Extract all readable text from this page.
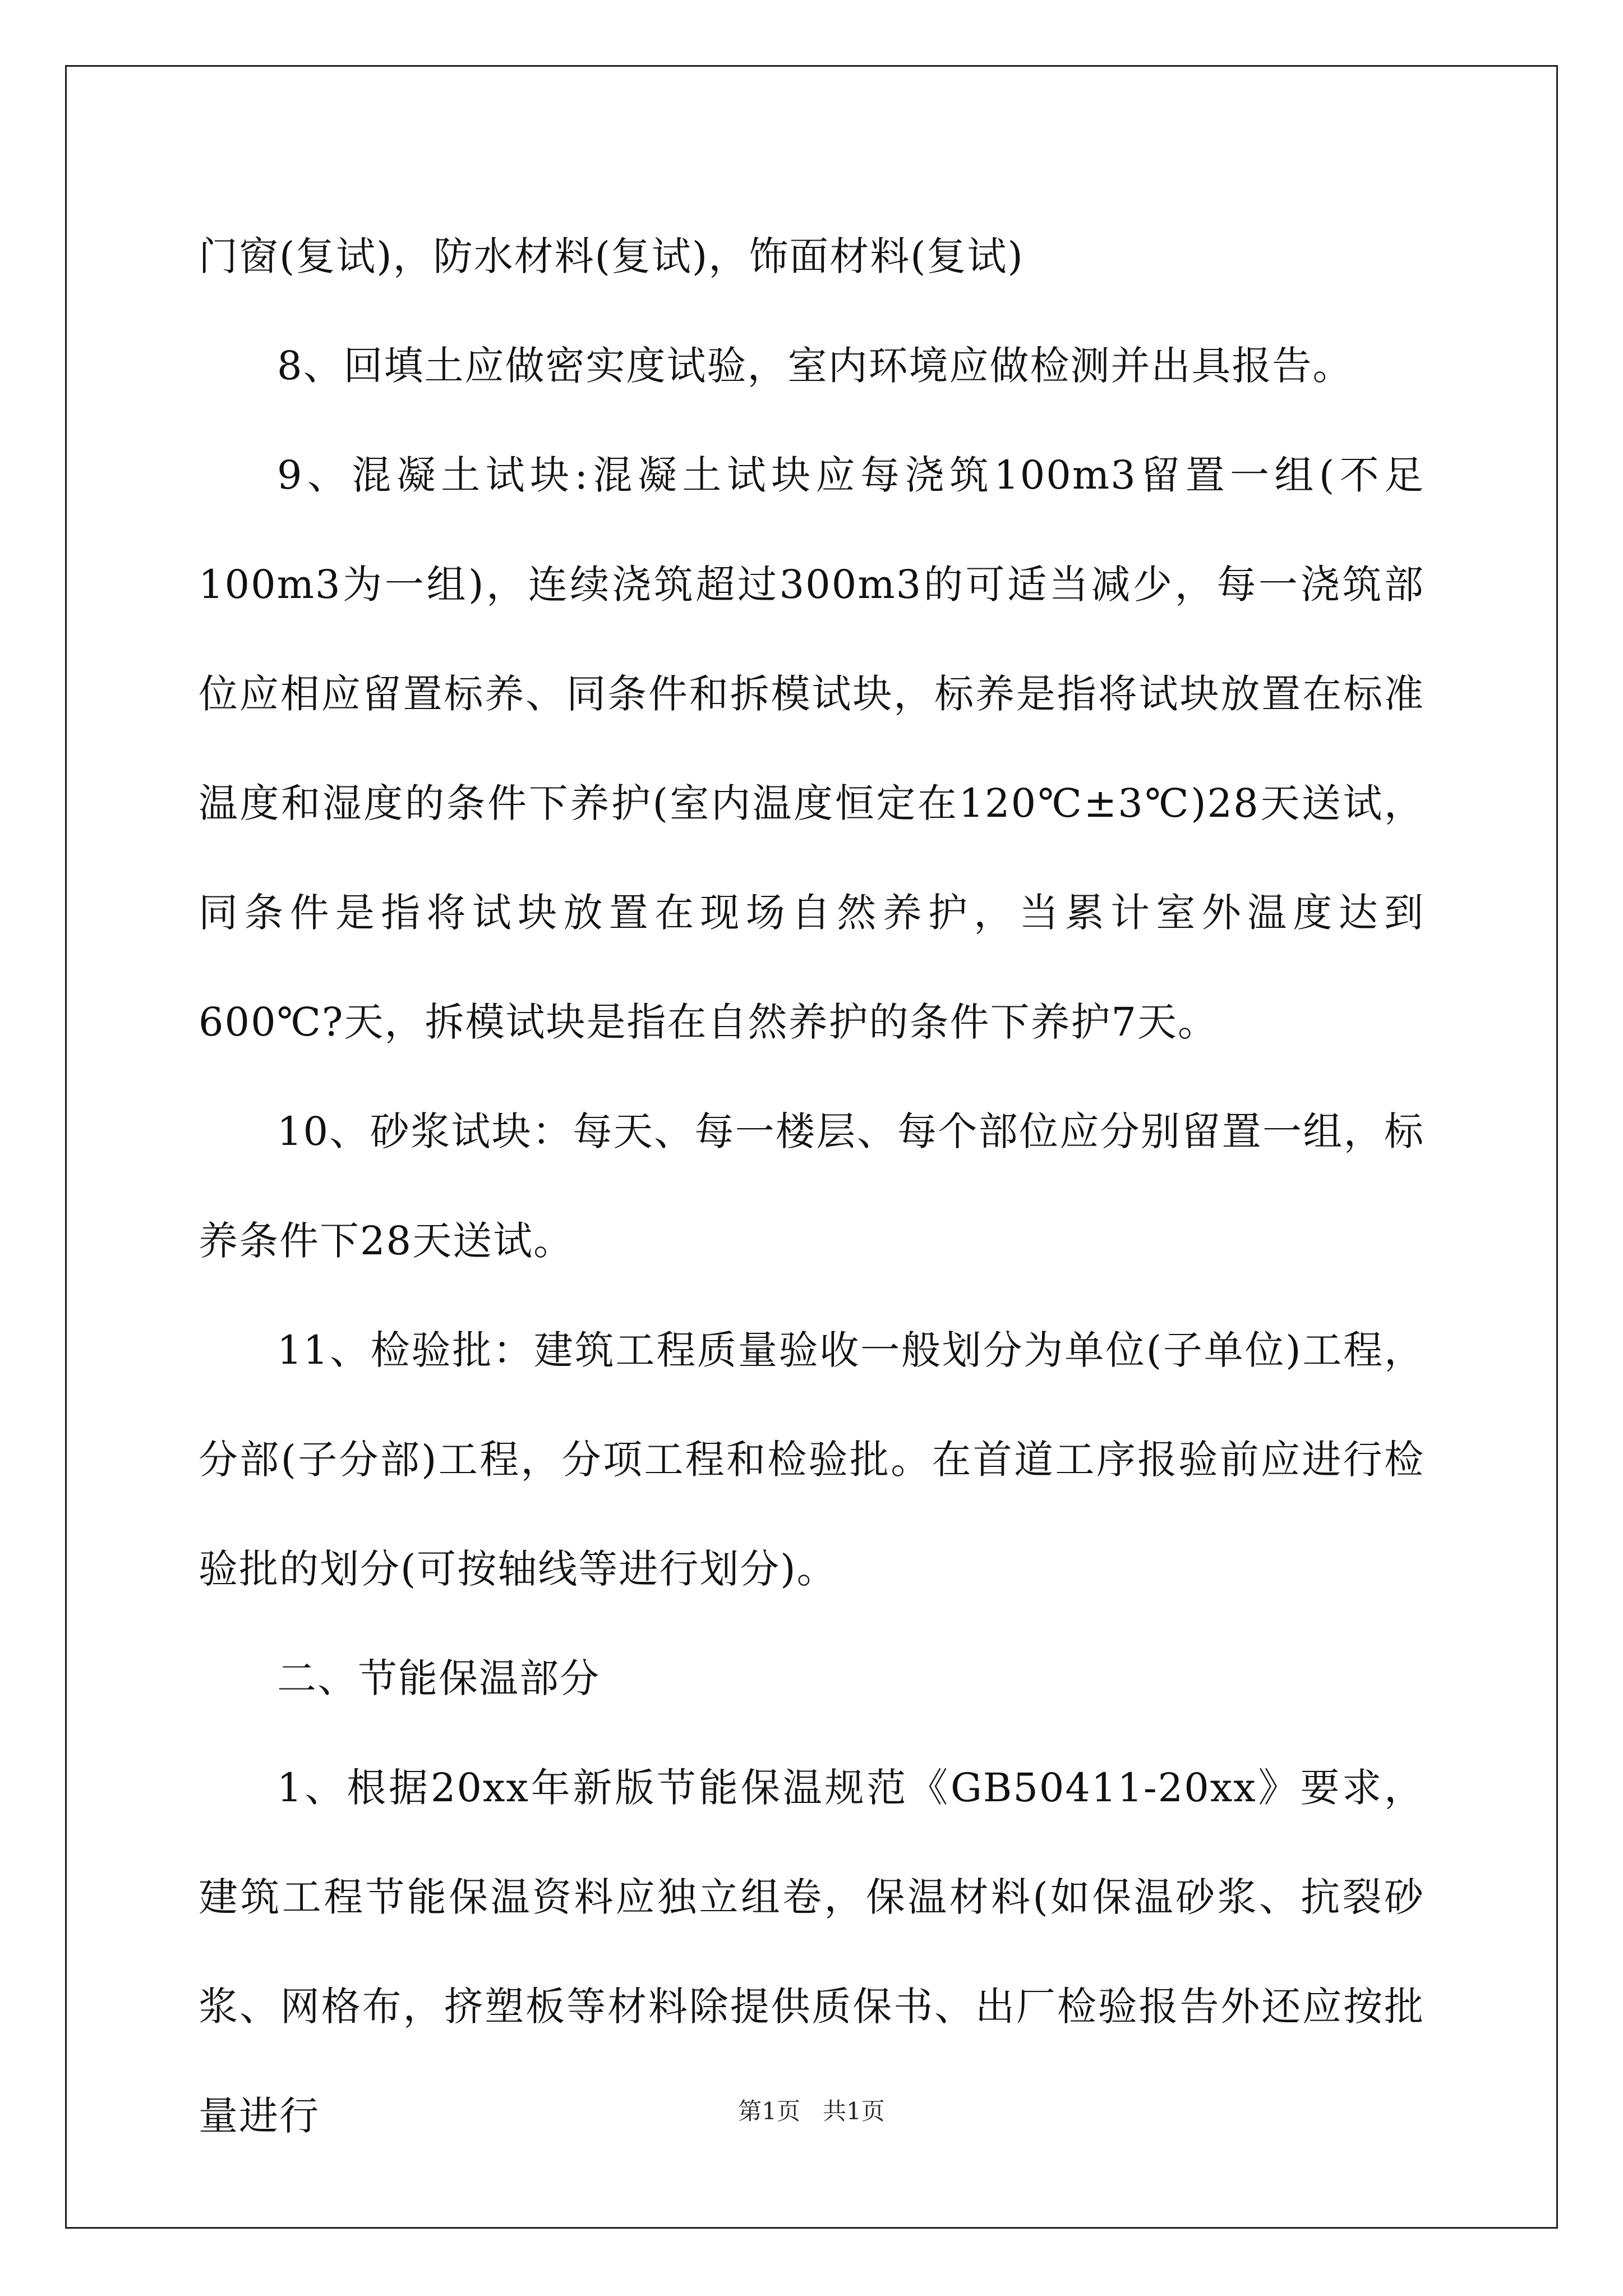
门窗(复试)，防水材料(复试)，饰面材料(复试)

8、回填土应做密实度试验，室内环境应做检测并出具报告。

9、混凝土试块:混凝土试块应每浇筑100m3留置一组(不足100m3为一组)，连续浇筑超过300m3的可适当减少，每一浇筑部位应相应留置标养、同条件和拆模试块，标养是指将试块放置在标准温度和湿度的条件下养护(室内温度恒定在120℃±3℃)28天送试，同条件是指将试块放置在现场自然养护，当累计室外温度达到600℃?天，拆模试块是指在自然养护的条件下养护7天。

10、砂浆试块：每天、每一楼层、每个部位应分别留置一组，标养条件下28天送试。

11、检验批：建筑工程质量验收一般划分为单位(子单位)工程，分部(子分部)工程，分项工程和检验批。在首道工序报验前应进行检验批的划分(可按轴线等进行划分)。

二、节能保温部分

1、根据20xx年新版节能保温规范《GB50411-20xx》要求，建筑工程节能保温资料应独立组卷，保温材料(如保温砂浆、抗裂砂浆、网格布，挤塑板等材料除提供质保书、出厂检验报告外还应按批量进行	第1页 共1页
